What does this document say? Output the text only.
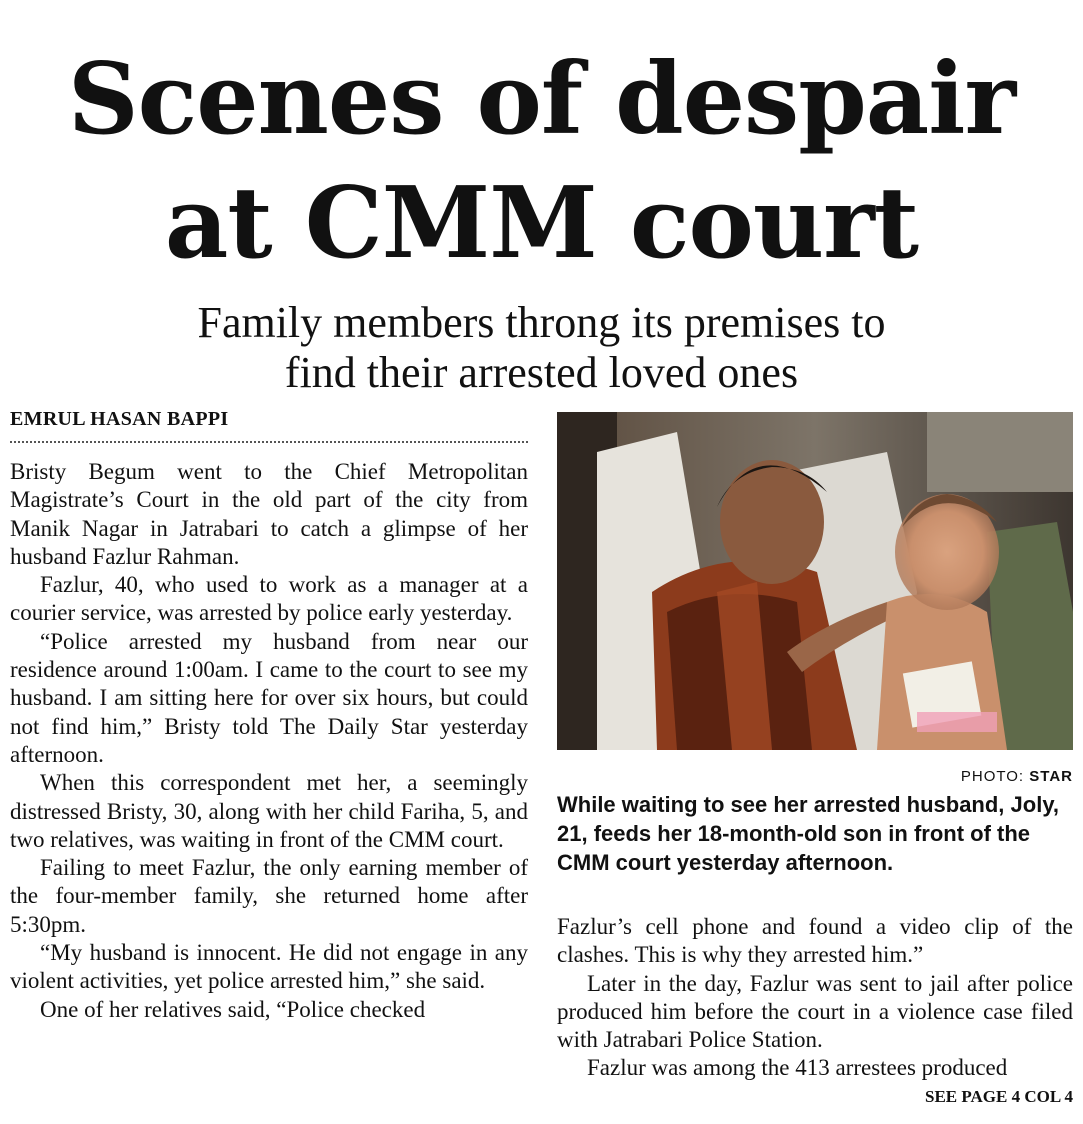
Scenes of despair
at CMM court
Family members throng its premises to
find their arrested loved ones
EMRUL HASAN BAPPI

Bristy Begum went to the Chief Metropolitan Magistrate’s Court in the old part of the city from Manik Nagar in Jatrabari to catch a glimpse of her husband Fazlur Rahman.

Fazlur, 40, who used to work as a manager at a courier service, was arrested by police early yesterday.

“Police arrested my husband from near our residence around 1:00am. I came to the court to see my husband. I am sitting here for over six hours, but could not find him,” Bristy told The Daily Star yesterday afternoon.

When this correspondent met her, a seemingly distressed Bristy, 30, along with her child Fariha, 5, and two relatives, was waiting in front of the CMM court.

Failing to meet Fazlur, the only earning member of the four-member family, she returned home after 5:30pm.

“My husband is innocent. He did not engage in any violent activities, yet police arrested him,” she said.

One of her relatives said, “Police checked

PHOTO: STAR

While waiting to see her arrested husband, Joly, 21, feeds her 18-month-old son in front of the CMM court yesterday afternoon.

Fazlur’s cell phone and found a video clip of the clashes. This is why they arrested him.”

Later in the day, Fazlur was sent to jail after police produced him before the court in a violence case filed with Jatrabari Police Station.

Fazlur was among the 413 arrestees produced

SEE PAGE 4 COL 4
